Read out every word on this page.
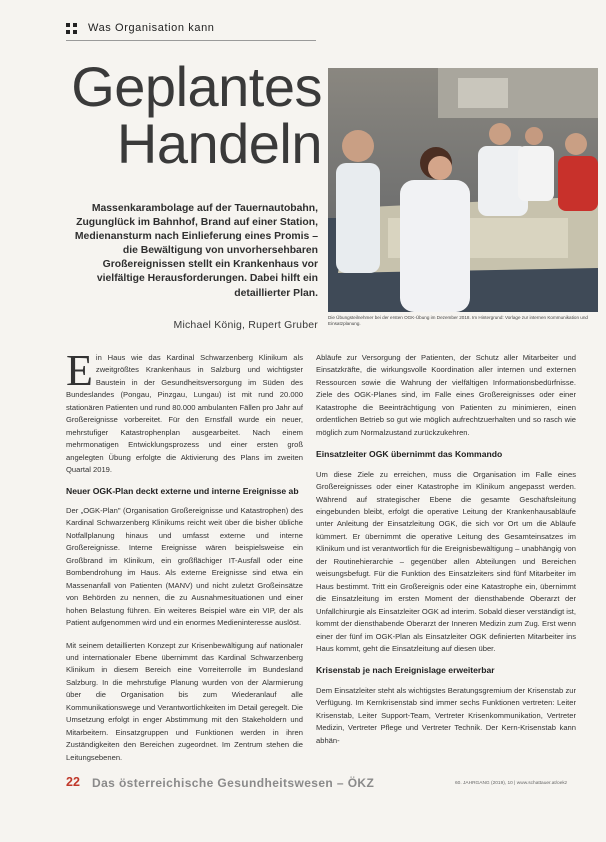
Was Organisation kann
Geplantes
Handeln
Massenkarambolage auf der Tauernautobahn, Zugunglück im Bahnhof, Brand auf einer Station, Medienansturm nach Einlieferung eines Promis – die Bewältigung von unvorhersehbaren Großereignissen stellt ein Krankenhaus vor vielfältige Herausforderungen. Dabei hilft ein detaillierter Plan.
Michael König, Rupert Gruber
Die Übungsteilnehmer bei der ersten OGK-Übung im Dezember 2018. Im Hintergrund: Vorlage zur internen Kommunikation und Einsatzplanung.

Ein Haus wie das Kardinal Schwarzenberg Klinikum als zweitgrößtes Krankenhaus in Salzburg und wichtigster Baustein in der Gesundheitsversorgung im Süden des Bundeslandes (Pongau, Pinzgau, Lungau) ist mit rund 20.000 stationären Patienten und rund 80.000 ambulanten Fällen pro Jahr auf Großereignisse vorbereitet. Für den Ernstfall wurde ein neuer, mehrstufiger Katastrophenplan ausgearbeitet. Nach einem mehrmonatigen Entwicklungsprozess und einer ersten groß angelegten Übung erfolgte die Aktivierung des Plans im zweiten Quartal 2019.

Neuer OGK-Plan deckt externe und interne Ereignisse ab

Der „OGK-Plan" (Organisation Großereignisse und Katastrophen) des Kardinal Schwarzenberg Klinikums reicht weit über die bisher übliche Notfallplanung hinaus und umfasst externe und interne Großereignisse. Interne Ereignisse wären beispielsweise ein Großbrand im Klinikum, ein großflächiger IT-Ausfall oder eine Bombendrohung im Haus. Als externe Ereignisse sind etwa ein Massenanfall von Patienten (MANV) und nicht zuletzt Großeinsätze von Behörden zu nennen, die zu Ausnahmesituationen und einer hohen Belastung führen. Ein weiteres Beispiel wäre ein VIP, der als Patient aufgenommen wird und ein enormes Medieninteresse auslöst.

Mit seinem detaillierten Konzept zur Krisenbewältigung auf nationaler und internationaler Ebene übernimmt das Kardinal Schwarzenberg Klinikum in diesem Bereich eine Vorreiterrolle im Bundesland Salzburg. In die mehrstufige Planung wurden von der Alarmierung über die Organisation bis zum Wiederanlauf alle Kommunikationswege und Verantwortlichkeiten im Detail geregelt. Die Umsetzung erfolgt in enger Abstimmung mit den Stakeholdern und Mitarbeitern. Einsatzgruppen und Funktionen werden in ihren Zuständigkeiten den Bereichen zugeordnet. Im Zentrum stehen die Leitungsebenen.

Abläufe zur Versorgung der Patienten, der Schutz aller Mitarbeiter und Einsatzkräfte, die wirkungsvolle Koordination aller internen und externen Ressourcen sowie die Wahrung der vielfältigen Informationsbedürfnisse. Ziele des OGK-Planes sind, im Falle eines Großereignisses oder einer Katastrophe die Beeinträchtigung von Patienten zu minimieren, einen ordentlichen Betrieb so gut wie möglich aufrechtzuerhalten und so rasch wie möglich zum Normalzustand zurückzukehren.

Einsatzleiter OGK übernimmt das Kommando

Um diese Ziele zu erreichen, muss die Organisation im Falle eines Großereignisses oder einer Katastrophe im Klinikum angepasst werden. Während auf strategischer Ebene die gesamte Geschäftsleitung eingebunden bleibt, erfolgt die operative Leitung der Krankenhausabläufe unter Anleitung der Einsatzleitung OGK, die sich vor Ort um die Abläufe kümmert. Er übernimmt die operative Leitung des Gesamteinsatzes im Klinikum und ist verantwortlich für die Ereignisbewältigung – unabhängig von der Routinehierarchie – gegenüber allen Abteilungen und Bereichen weisungsbefugt. Für die Funktion des Einsatzleiters sind fünf Mitarbeiter im Haus bestimmt. Tritt ein Großereignis oder eine Katastrophe ein, übernimmt die Einsatzleitung im ersten Moment der diensthabende Oberarzt der Unfallchirurgie als Einsatzleiter OGK ad interim. Sobald dieser verständigt ist, kommt der diensthabende Oberarzt der Inneren Medizin zum Zug. Erst wenn einer der fünf im OGK-Plan als Einsatzleiter OGK definierten Mitarbeiter ins Haus kommt, geht die Einsatzleitung auf diesen über.

Krisenstab je nach Ereignislage erweiterbar

Dem Einsatzleiter steht als wichtigstes Beratungsgremium der Krisenstab zur Verfügung. Im Kernkrisenstab sind immer sechs Funktionen vertreten: Leiter Krisenstab, Leiter Support-Team, Vertreter Krisenkommunikation, Vertreter Medizin, Vertreter Pflege und Vertreter Technik. Der Kern-Krisenstab kann abhän-

22 Das österreichische Gesundheitswesen – ÖKZ	60. JAHRGANG (2019), 10 | www.schattauer.at/oekz
